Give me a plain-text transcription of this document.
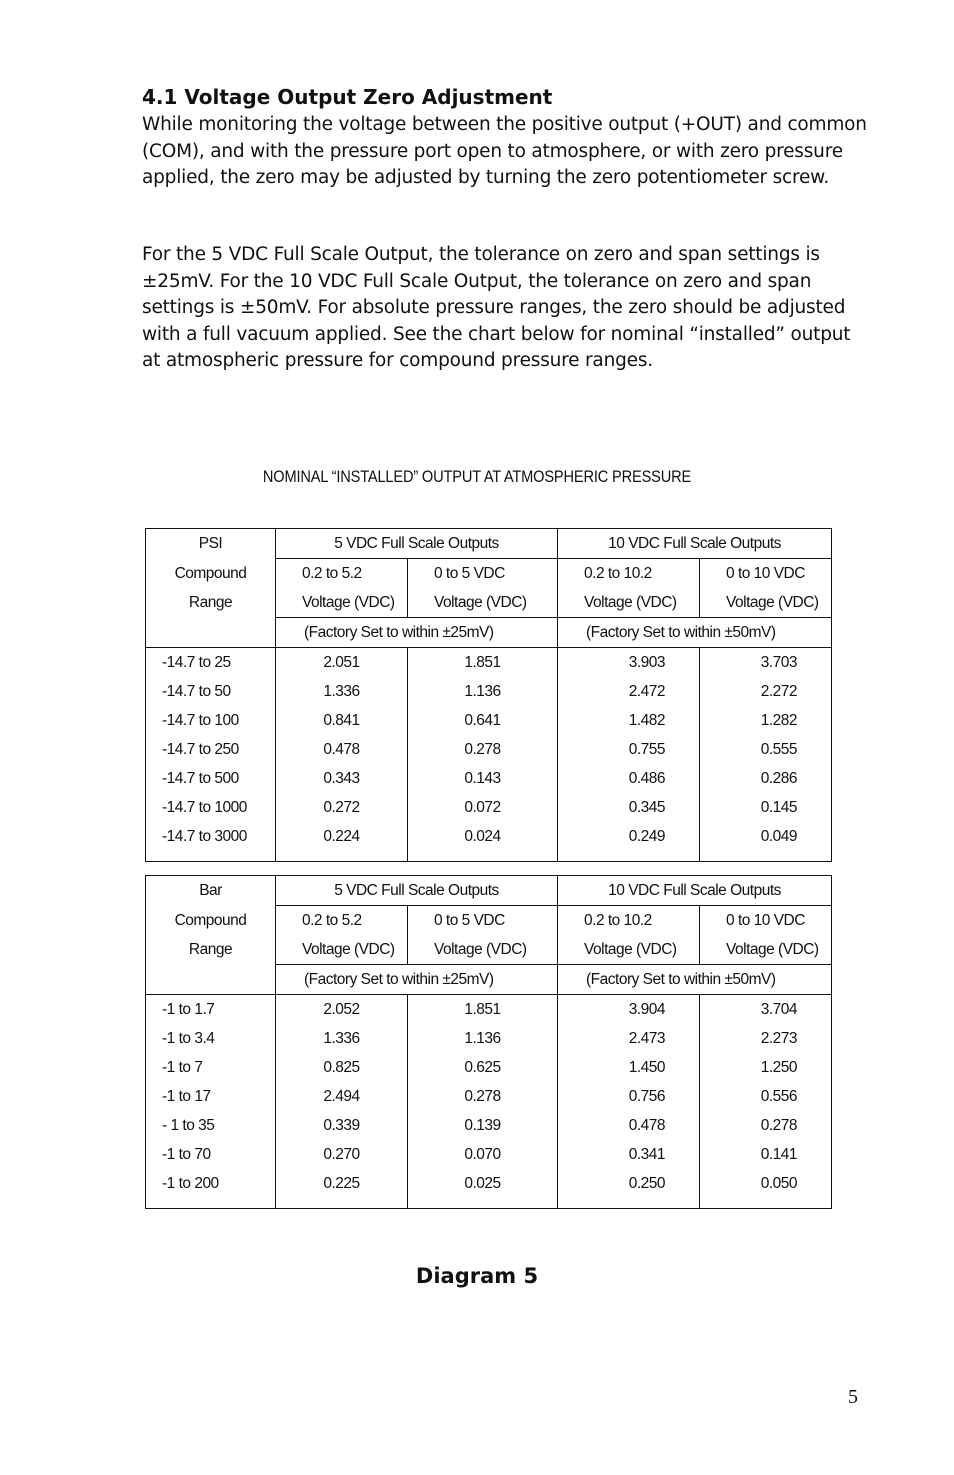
4.1 Voltage Output Zero Adjustment

While monitoring the voltage between the positive output (+OUT) and common (COM), and with the pressure port open to atmosphere, or with zero pressure applied, the zero may be adjusted by turning the zero potentiometer screw.

For the 5 VDC Full Scale Output, the tolerance on zero and span settings is ±25mV. For the 10 VDC Full Scale Output, the tolerance on zero and span settings is ±50mV. For absolute pressure ranges, the zero should be adjusted with a full vacuum applied. See the chart below for nominal “installed” output at atmospheric pressure for compound pressure ranges.

NOMINAL “INSTALLED” OUTPUT AT ATMOSPHERIC PRESSURE
PSI	5 VDC Full Scale Outputs		10 VDC Full Scale Outputs	
Compound	0.2 to 5.2	0 to 5 VDC	0.2 to 10.2	0 to 10 VDC
Range	Voltage (VDC)	Voltage (VDC)	Voltage (VDC)	Voltage (VDC)
	(Factory Set to within ±25mV)		(Factory Set to within ±50mV)	
-14.7 to 25	2.051	1.851	3.903	3.703
-14.7 to 50	1.336	1.136	2.472	2.272
-14.7 to 100	0.841	0.641	1.482	1.282
-14.7 to 250	0.478	0.278	0.755	0.555
-14.7 to 500	0.343	0.143	0.486	0.286
-14.7 to 1000	0.272	0.072	0.345	0.145
-14.7 to 3000	0.224	0.024	0.249	0.049

Bar	5 VDC Full Scale Outputs		10 VDC Full Scale Outputs	
Compound	0.2 to 5.2	0 to 5 VDC	0.2 to 10.2	0 to 10 VDC
Range	Voltage (VDC)	Voltage (VDC)	Voltage (VDC)	Voltage (VDC)
	(Factory Set to within ±25mV)		(Factory Set to within ±50mV)	
-1 to 1.7	2.052	1.851	3.904	3.704
-1 to 3.4	1.336	1.136	2.473	2.273
-1 to 7	0.825	0.625	1.450	1.250
-1 to 17	2.494	0.278	0.756	0.556
- 1 to 35	0.339	0.139	0.478	0.278
-1 to 70	0.270	0.070	0.341	0.141
-1 to 200	0.225	0.025	0.250	0.050

Diagram 5
5
